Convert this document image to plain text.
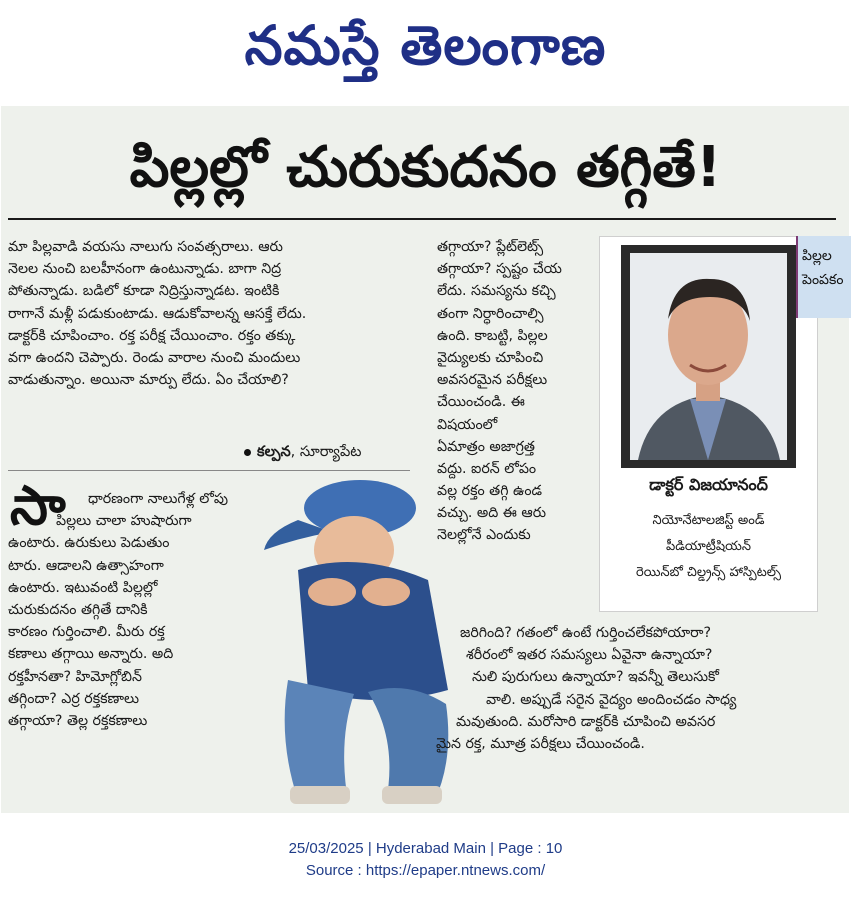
నమస్తే తెలంగాణ
పిల్లల్లో చురుకుదనం తగ్గితే!
మా పిల్లవాడి వయసు నాలుగు సంవత్సరాలు. ఆరు
నెలల నుంచి బలహీనంగా ఉంటున్నాడు. బాగా నిద్ర
పోతున్నాడు. బడిలో కూడా నిద్రిస్తున్నాడట. ఇంటికి
రాగానే మళ్లీ పడుకుంటాడు. ఆడుకోవాలన్న ఆసక్తే లేదు.
డాక్టర్‌కి చూపించాం. రక్త పరీక్ష చేయించాం. రక్తం తక్కు
వగా ఉందని చెప్పారు. రెండు వారాల నుంచి మందులు
వాడుతున్నాం. అయినా మార్పు లేదు. ఏం చేయాలి?
కల్పన, సూర్యాపేట
సా	ధారణంగా నాలుగేళ్ల లోపు
పిల్లలు చాలా హుషారుగా
ఉంటారు. ఉరుకులు పెడుతుం
టారు. ఆడాలని ఉత్సాహంగా
ఉంటారు. ఇటువంటి పిల్లల్లో
చురుకుదనం తగ్గితే దానికి
కారణం గుర్తించాలి. మీరు రక్త
కణాలు తగ్గాయి అన్నారు. అది
రక్తహీనతా? హిమోగ్లోబిన్
తగ్గిందా? ఎర్ర రక్తకణాలు
తగ్గాయా? తెల్ల రక్తకణాలు
తగ్గాయా? ప్లేట్‌లెట్స్
తగ్గాయా? స్పష్టం చేయ
లేదు. సమస్యను కచ్చి
తంగా నిర్ధారించాల్సి
ఉంది. కాబట్టి, పిల్లల
వైద్యులకు చూపించి
అవసరమైన పరీక్షలు
చేయించండి. ఈ
విషయంలో
ఏమాత్రం అజాగ్రత్త
వద్దు. ఐరన్ లోపం
వల్ల రక్తం తగ్గి ఉండ
వచ్చు. అది ఈ ఆరు
నెలల్లోనే ఎందుకు
జరిగింది? గతంలో ఉంటే గుర్తించలేకపోయారా?
శరీరంలో ఇతర సమస్యలు ఏవైనా ఉన్నాయా?
నులి పురుగులు ఉన్నాయా? ఇవన్నీ తెలుసుకో
వాలి. అప్పుడే సరైన వైద్యం అందించడం సాధ్య
మవుతుంది. మరోసారి డాక్టర్‌కి చూపించి అవసర
మైన రక్త, మూత్ర పరీక్షలు చేయించండి.
డాక్టర్ విజయానంద్
నియోనేటాలజిస్ట్ అండ్
పీడియాట్రీషియన్
రెయిన్‌బో చిల్డ్రన్స్ హాస్పిటల్స్
పిల్లల
పెంపకం
25/03/2025 | Hyderabad Main | Page : 10
Source : https://epaper.ntnews.com/
